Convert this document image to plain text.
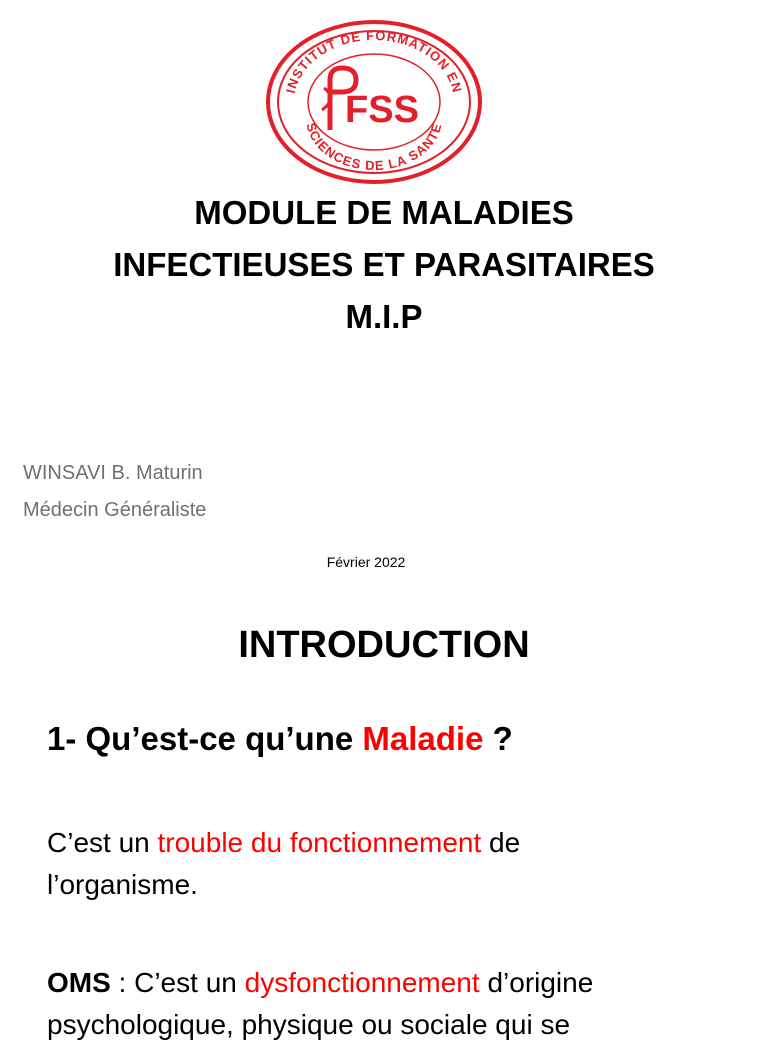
INSTITUT DE FORMATION EN
SCIENCES DE LA SANTE
FSS
MODULE DE MALADIES
INFECTIEUSES ET PARASITAIRES
M.I.P
WINSAVI B. Maturin
Médecin Généraliste
Février 2022
INTRODUCTION
1- Qu’est-ce qu’une Maladie ?
C’est un trouble du fonctionnement de
l’organisme.
OMS : C’est un dysfonctionnement d’origine
psychologique, physique ou sociale qui se
